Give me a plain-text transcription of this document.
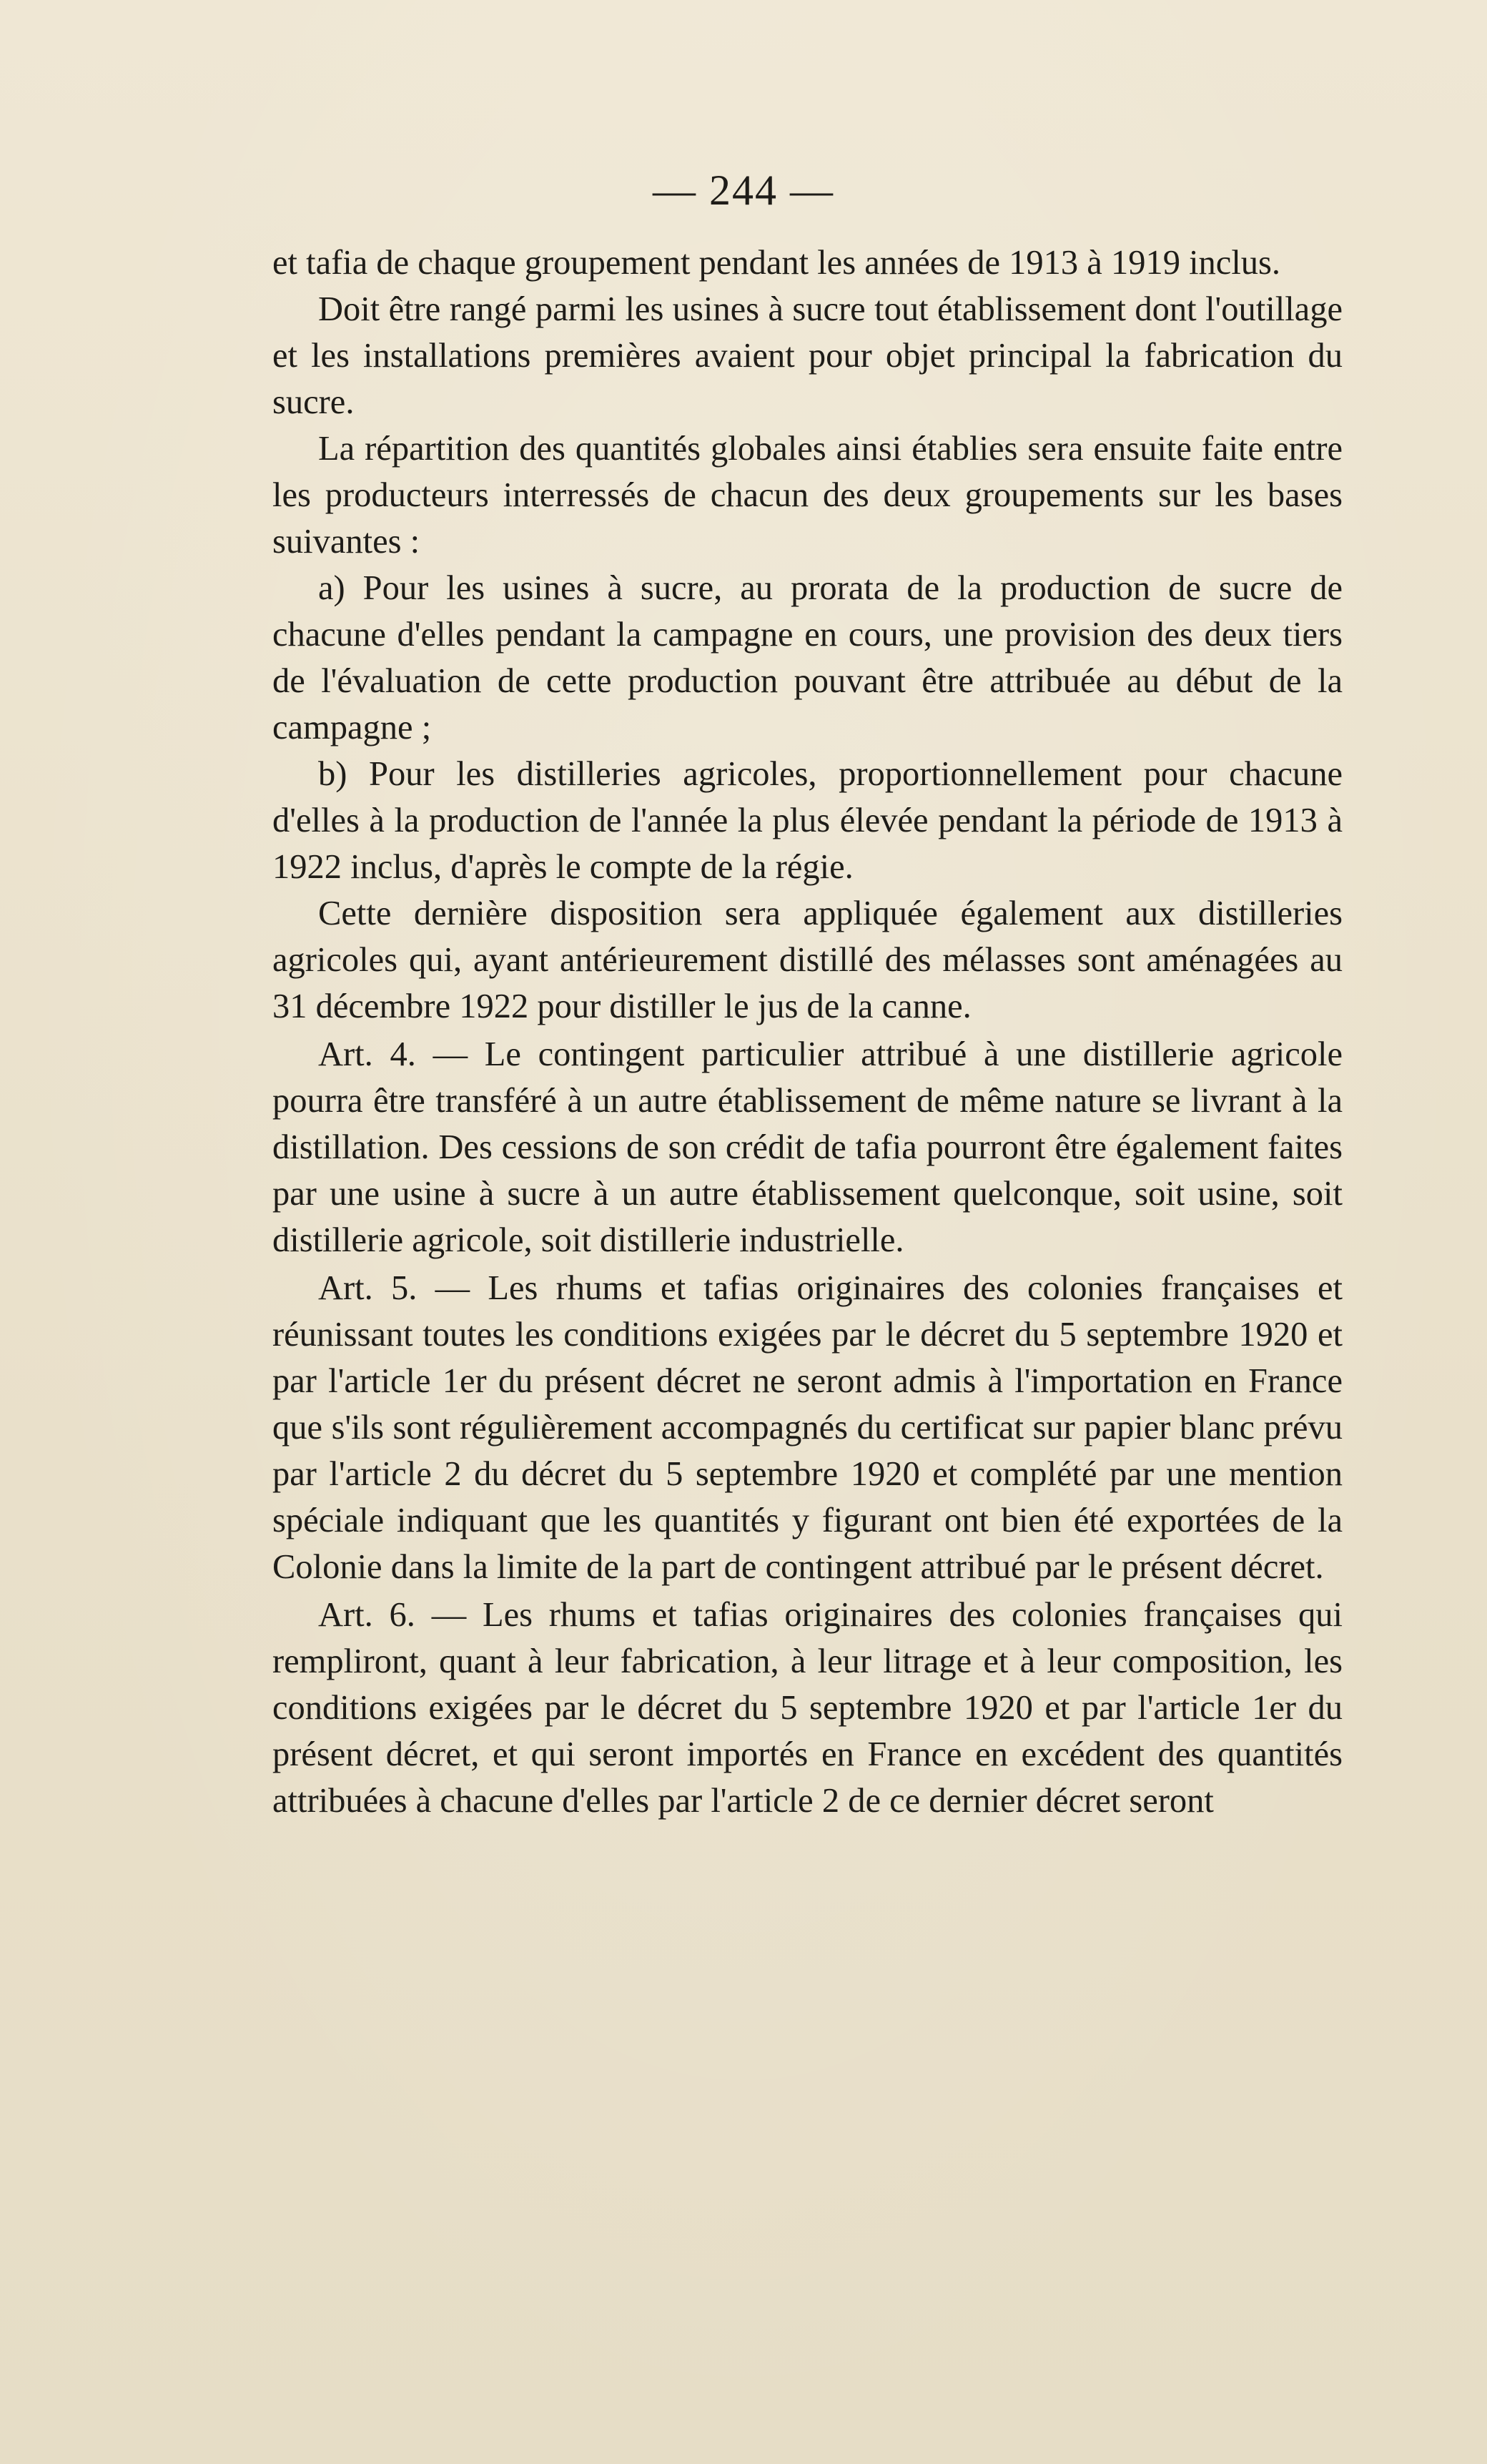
— 244 —

et tafia de chaque groupement pendant les années de 1913 à 1919 inclus.

Doit être rangé parmi les usines à sucre tout établissement dont l'outillage et les installations premières avaient pour objet principal la fabrication du sucre.

La répartition des quantités globales ainsi établies sera ensuite faite entre les producteurs interressés de chacun des deux groupements sur les bases suivantes :

a) Pour les usines à sucre, au prorata de la production de sucre de chacune d'elles pendant la campagne en cours, une provision des deux tiers de l'évaluation de cette production pouvant être attribuée au début de la campagne ;

b) Pour les distilleries agricoles, proportionnellement pour chacune d'elles à la production de l'année la plus élevée pendant la période de 1913 à 1922 inclus, d'après le compte de la régie.

Cette dernière disposition sera appliquée également aux distilleries agricoles qui, ayant antérieurement distillé des mélasses sont aménagées au 31 décembre 1922 pour distiller le jus de la canne.

Art. 4. — Le contingent particulier attribué à une distillerie agricole pourra être transféré à un autre établissement de même nature se livrant à la distillation. Des cessions de son crédit de tafia pourront être également faites par une usine à sucre à un autre établissement quelconque, soit usine, soit distillerie agricole, soit distillerie industrielle.

Art. 5. — Les rhums et tafias originaires des colonies françaises et réunissant toutes les conditions exigées par le décret du 5 septembre 1920 et par l'article 1er du présent décret ne seront admis à l'importation en France que s'ils sont régulièrement accompagnés du certificat sur papier blanc prévu par l'article 2 du décret du 5 septembre 1920 et complété par une mention spéciale indiquant que les quantités y figurant ont bien été exportées de la Colonie dans la limite de la part de contingent attribué par le présent décret.

Art. 6. — Les rhums et tafias originaires des colonies françaises qui rempliront, quant à leur fabrication, à leur litrage et à leur composition, les conditions exigées par le décret du 5 septembre 1920 et par l'article 1er du présent décret, et qui seront importés en France en excédent des quantités attribuées à chacune d'elles par l'article 2 de ce dernier décret seront
